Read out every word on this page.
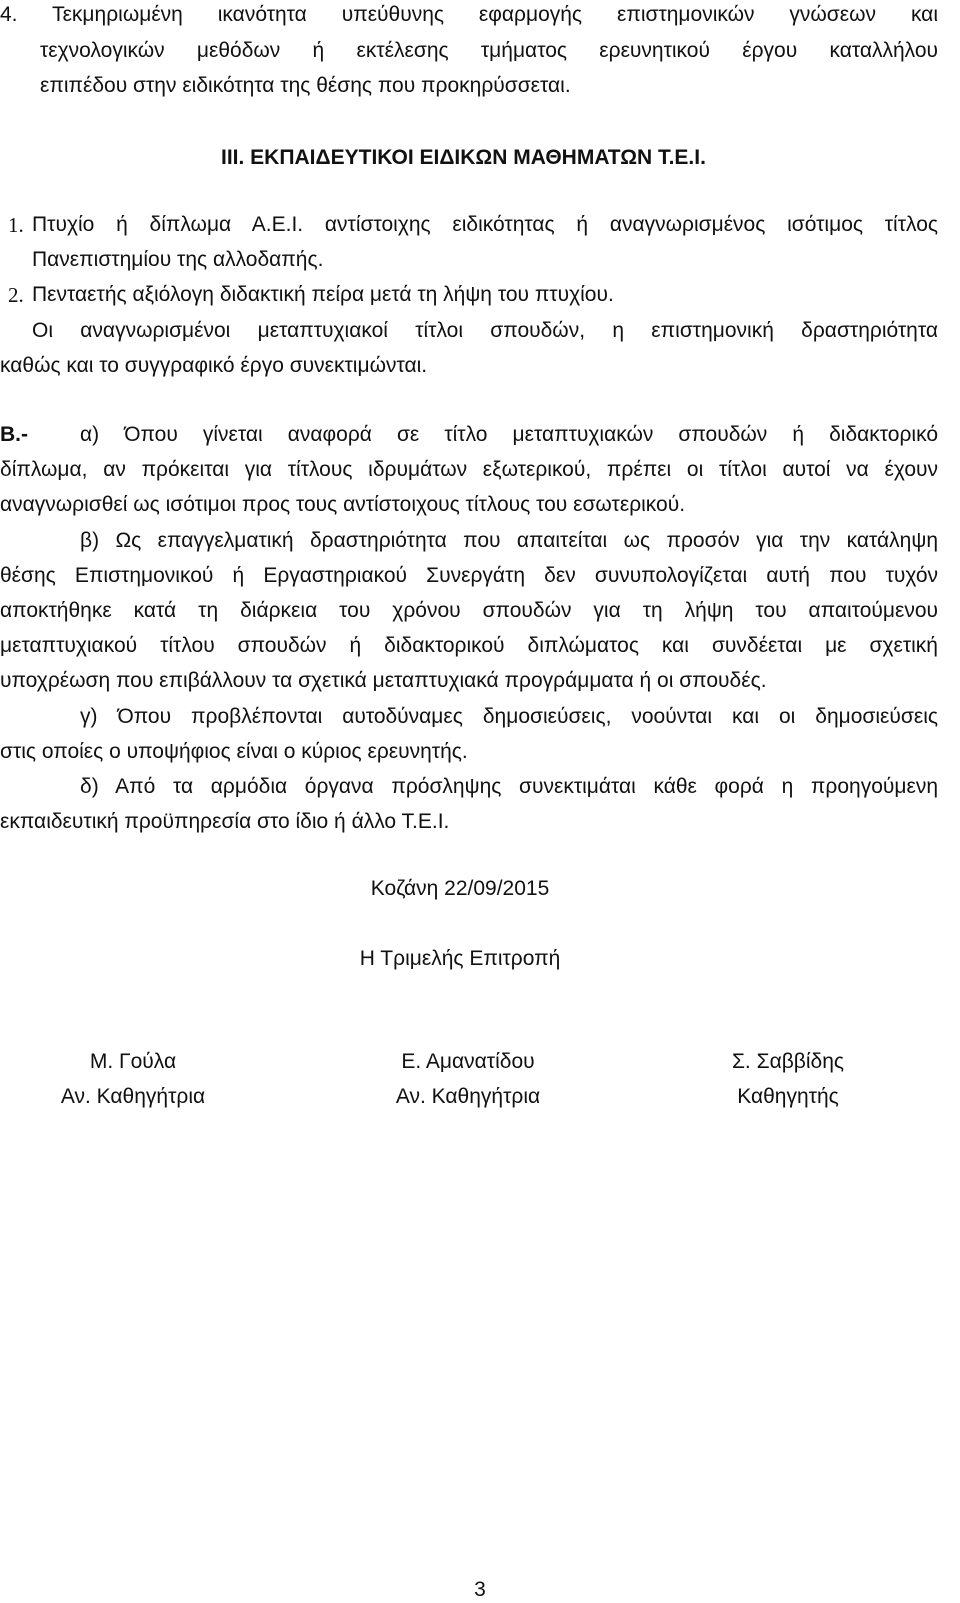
4. Τεκμηριωμένη ικανότητα υπεύθυνης εφαρμογής επιστημονικών γνώσεων και
τεχνολογικών μεθόδων ή εκτέλεσης τμήματος ερευνητικού έργου καταλλήλου
επιπέδου στην ειδικότητα της θέσης που προκηρύσσεται.
III. ΕΚΠΑΙΔΕΥΤΙΚΟΙ ΕΙΔΙΚΩΝ ΜΑΘΗΜΑΤΩΝ Τ.Ε.Ι.
1. Πτυχίο ή δίπλωμα Α.Ε.Ι. αντίστοιχης ειδικότητας ή αναγνωρισμένος ισότιμος τίτλος
Πανεπιστημίου της αλλοδαπής.
2. Πενταετής αξιόλογη διδακτική πείρα μετά τη λήψη του πτυχίου.
Οι αναγνωρισμένοι μεταπτυχιακοί τίτλοι σπουδών, η επιστημονική δραστηριότητα
καθώς και το συγγραφικό έργο συνεκτιμώνται.
Β.- α) Όπου γίνεται αναφορά σε τίτλο μεταπτυχιακών σπουδών ή διδακτορικό
δίπλωμα, αν πρόκειται για τίτλους ιδρυμάτων εξωτερικού, πρέπει οι τίτλοι αυτοί να έχουν
αναγνωρισθεί ως ισότιμοι προς τους αντίστοιχους τίτλους του εσωτερικού.
β) Ως επαγγελματική δραστηριότητα που απαιτείται ως προσόν για την κατάληψη
θέσης Επιστημονικού ή Εργαστηριακού Συνεργάτη δεν συνυπολογίζεται αυτή που τυχόν
αποκτήθηκε κατά τη διάρκεια του χρόνου σπουδών για τη λήψη του απαιτούμενου
μεταπτυχιακού τίτλου σπουδών ή διδακτορικού διπλώματος και συνδέεται με σχετική
υποχρέωση που επιβάλλουν τα σχετικά μεταπτυχιακά προγράμματα ή οι σπουδές.
γ) Όπου προβλέπονται αυτοδύναμες δημοσιεύσεις, νοούνται και οι δημοσιεύσεις
στις οποίες ο υποψήφιος είναι ο κύριος ερευνητής.
δ) Από τα αρμόδια όργανα πρόσληψης συνεκτιμάται κάθε φορά η προηγούμενη
εκπαιδευτική προϋπηρεσία στο ίδιο ή άλλο Τ.Ε.Ι.
Κοζάνη 22/09/2015
Η Τριμελής Επιτροπή
Μ. Γούλα
Αν. Καθηγήτρια
Ε. Αμανατίδου
Αν. Καθηγήτρια
Σ. Σαββίδης
Καθηγητής
3
